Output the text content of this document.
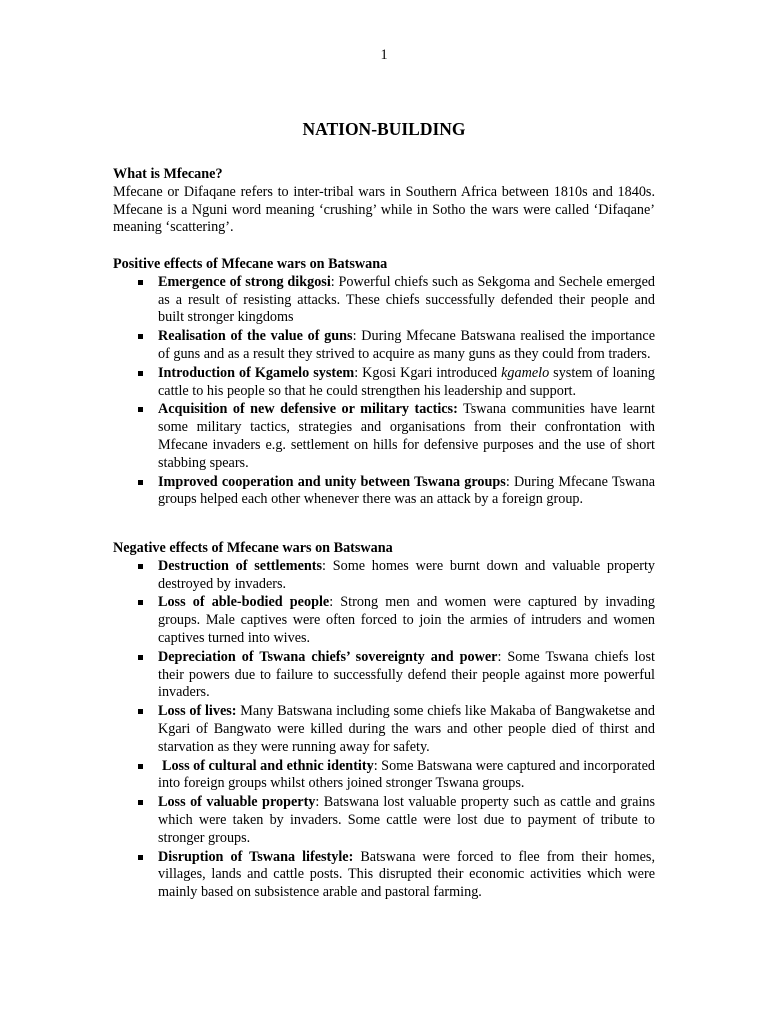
1
NATION-BUILDING

What is Mfecane?

Mfecane or Difaqane refers to inter-tribal wars in Southern Africa between 1810s and 1840s. Mfecane is a Nguni word meaning ‘crushing’ while in Sotho the wars were called ‘Difaqane’ meaning ‘scattering’.

Positive effects of Mfecane wars on Batswana

Emergence of strong dikgosi: Powerful chiefs such as Sekgoma and Sechele emerged as a result of resisting attacks. These chiefs successfully defended their people and built stronger kingdoms
Realisation of the value of guns: During Mfecane Batswana realised the importance of guns and as a result they strived to acquire as many guns as they could from traders.
Introduction of Kgamelo system: Kgosi Kgari introduced kgamelo system of loaning cattle to his people so that he could strengthen his leadership and support.
Acquisition of new defensive or military tactics: Tswana communities have learnt some military tactics, strategies and organisations from their confrontation with Mfecane invaders e.g. settlement on hills for defensive purposes and the use of short stabbing spears.
Improved cooperation and unity between Tswana groups: During Mfecane Tswana groups helped each other whenever there was an attack by a foreign group.

Negative effects of Mfecane wars on Batswana

Destruction of settlements: Some homes were burnt down and valuable property destroyed by invaders.
Loss of able-bodied people: Strong men and women were captured by invading groups. Male captives were often forced to join the armies of intruders and women captives turned into wives.
Depreciation of Tswana chiefs’ sovereignty and power: Some Tswana chiefs lost their powers due to failure to successfully defend their people against more powerful invaders.
Loss of lives: Many Batswana including some chiefs like Makaba of Bangwaketse and Kgari of Bangwato were killed during the wars and other people died of thirst and starvation as they were running away for safety.
Loss of cultural and ethnic identity: Some Batswana were captured and incorporated into foreign groups whilst others joined stronger Tswana groups.
Loss of valuable property: Batswana lost valuable property such as cattle and grains which were taken by invaders. Some cattle were lost due to payment of tribute to stronger groups.
Disruption of Tswana lifestyle: Batswana were forced to flee from their homes, villages, lands and cattle posts. This disrupted their economic activities which were mainly based on subsistence arable and pastoral farming.
